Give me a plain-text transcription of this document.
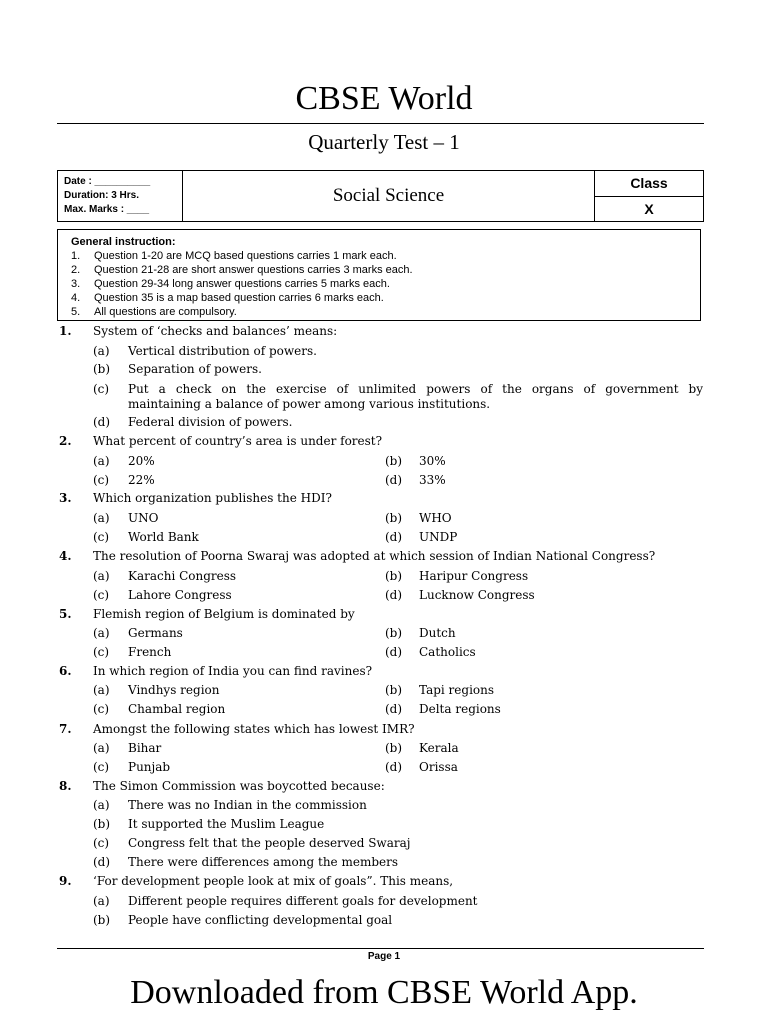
CBSE World
Quarterly Test – 1
Date : __________
Duration: 3 Hrs.
Max. Marks : ____
	Social Science	Class
X
General instruction:
1. Question 1-20 are MCQ based questions carries 1 mark each.
2. Question 21-28 are short answer questions carries 3 marks each.
3. Question 29-34 long answer questions carries 5 marks each.
4. Question 35 is a map based question carries 6 marks each.
5. All questions are compulsory.
1. System of ‘checks and balances’ means:
(a) Vertical distribution of powers.
(b) Separation of powers.
(c) Put a check on the exercise of unlimited powers of the organs of government by
maintaining a balance of power among various institutions.
(d) Federal division of powers.
2. What percent of country’s area is under forest?
(a) 20%	(b) 30%
(c) 22%	(d) 33%
3. Which organization publishes the HDI?
(a) UNO	(b) WHO
(c) World Bank	(d) UNDP
4. The resolution of Poorna Swaraj was adopted at which session of Indian National Congress?
(a) Karachi Congress	(b) Haripur Congress
(c) Lahore Congress	(d) Lucknow Congress
5. Flemish region of Belgium is dominated by
(a) Germans	(b) Dutch
(c) French	(d) Catholics
6. In which region of India you can find ravines?
(a) Vindhys region	(b) Tapi regions
(c) Chambal region	(d) Delta regions
7. Amongst the following states which has lowest IMR?
(a) Bihar	(b) Kerala
(c) Punjab	(d) Orissa
8. The Simon Commission was boycotted because:
(a) There was no Indian in the commission
(b) It supported the Muslim League
(c) Congress felt that the people deserved Swaraj
(d) There were differences among the members
9. ‘For development people look at mix of goals”. This means,
(a) Different people requires different goals for development
(b) People have conflicting developmental goal
Page 1
Downloaded from CBSE World App.
